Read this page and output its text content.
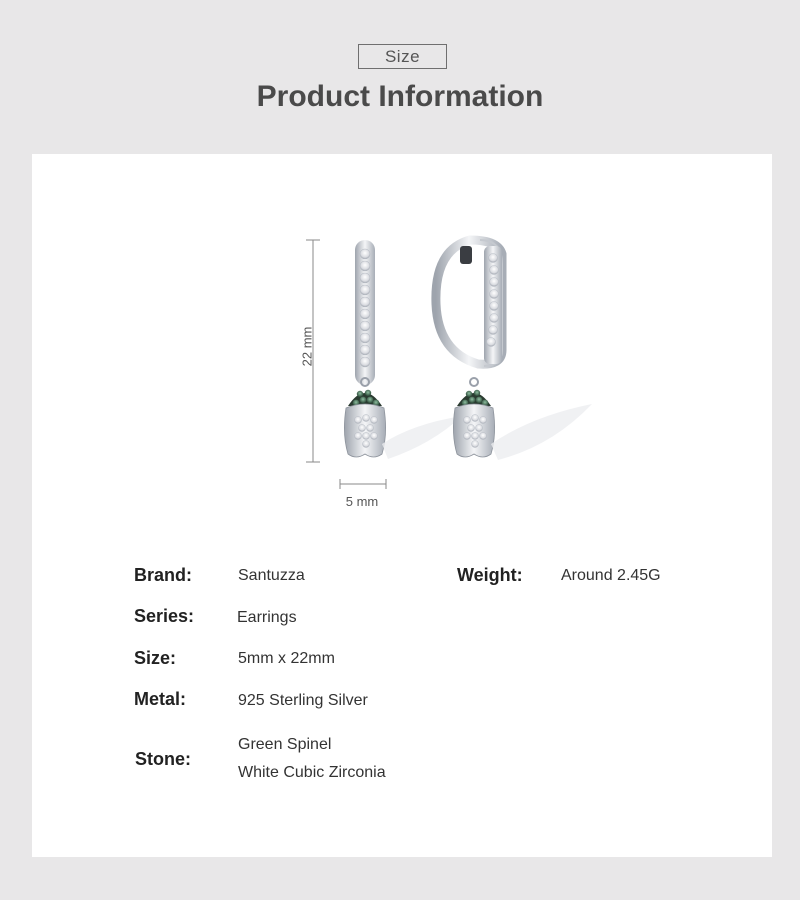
Size
Product Information
22 mm
5 mm
Brand:	Santuzza	Weight: Around 2.45G
Series:	Earrings
Size:	5mm x 22mm
Metal:	925 Sterling Silver
Stone:
Green Spinel
White Cubic Zirconia
